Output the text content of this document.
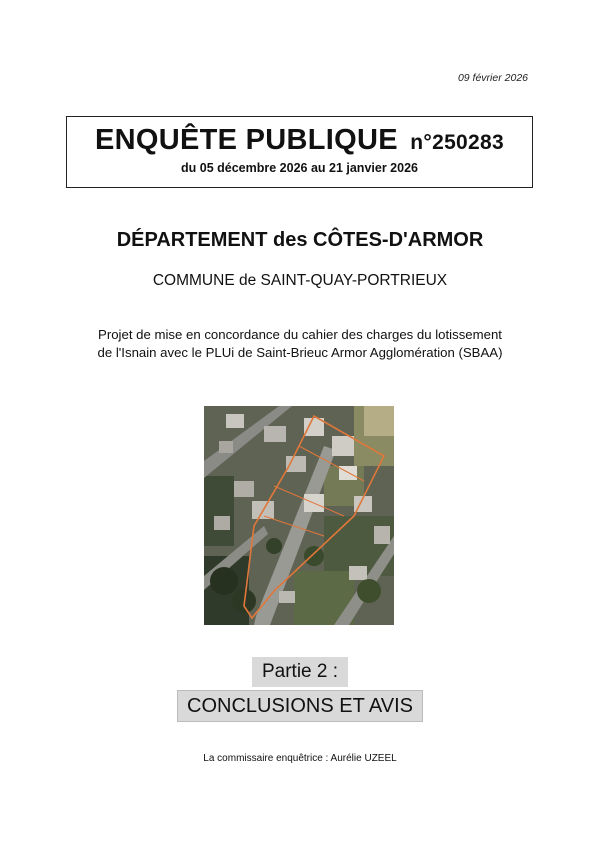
09 février 2026
ENQUÊTE PUBLIQUE n°250283
du 05 décembre 2026 au 21 janvier 2026
DÉPARTEMENT des CÔTES-D'ARMOR
COMMUNE de SAINT-QUAY-PORTRIEUX
Projet de mise en concordance du cahier des charges du lotissement
de l'Isnain avec le PLUi de Saint-Brieuc Armor Agglomération (SBAA)
Partie 2 :
CONCLUSIONS ET AVIS
La commissaire enquêtrice : Aurélie UZEEL
